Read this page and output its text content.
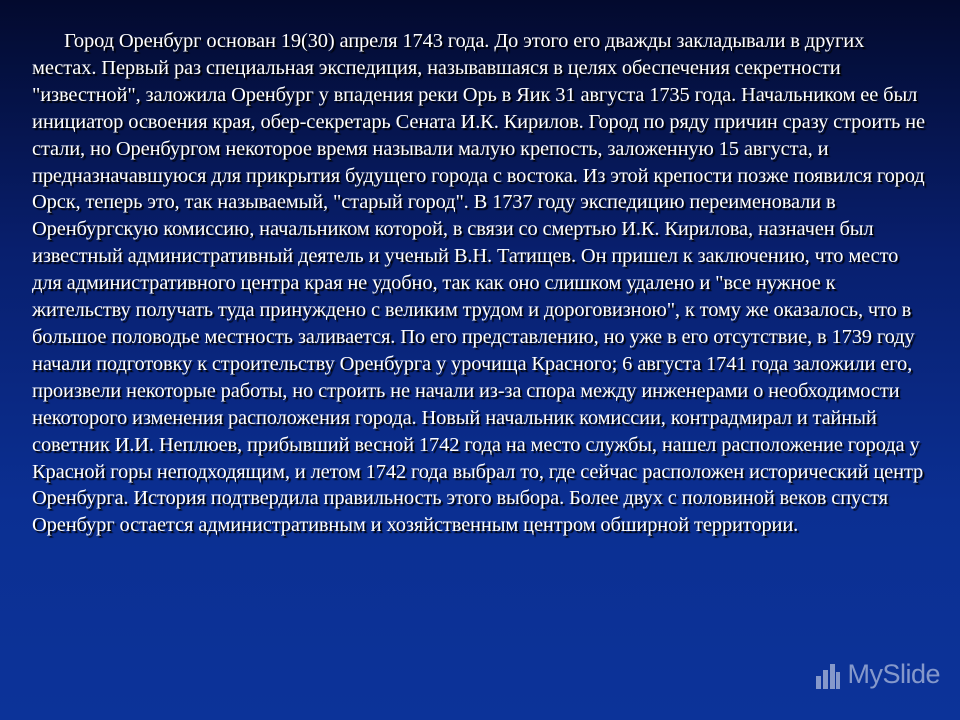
Город Оренбург основан 19(30) апреля 1743 года. До этого его дважды закладывали в других местах. Первый раз специальная экспедиция, называвшаяся в целях обеспечения секретности "известной", заложила Оренбург у впадения реки Орь в Яик 31 августа 1735 года. Начальником ее был инициатор освоения края, обер-секретарь Сената И.К. Кирилов. Город по ряду причин сразу строить не стали, но Оренбургом некоторое время называли малую крепость, заложенную 15 августа, и предназначавшуюся для прикрытия будущего города с востока. Из этой крепости позже появился город Орск, теперь это, так называемый, "старый город". В 1737 году экспедицию переименовали в Оренбургскую комиссию, начальником которой, в связи со смертью И.К. Кирилова, назначен был известный административный деятель и ученый В.Н. Татищев. Он пришел к заключению, что место для административного центра края не удобно, так как оно слишком удалено и "все нужное к жительству получать туда принуждено с великим трудом и дороговизною", к тому же оказалось, что в большое половодье местность заливается. По его представлению, но уже в его отсутствие, в 1739 году начали подготовку к строительству Оренбурга у урочища Красного; 6 августа 1741 года заложили его, произвели некоторые работы, но строить не начали из-за спора между инженерами о необходимости некоторого изменения расположения города. Новый начальник комиссии, контрадмирал и тайный советник И.И. Неплюев, прибывший весной 1742 года на место службы, нашел расположение города у Красной горы неподходящим, и летом 1742 года выбрал то, где сейчас расположен исторический центр Оренбурга. История подтвердила правильность этого выбора. Более двух с половиной веков спустя Оренбург остается административным и хозяйственным центром обширной территории.

MySlide
